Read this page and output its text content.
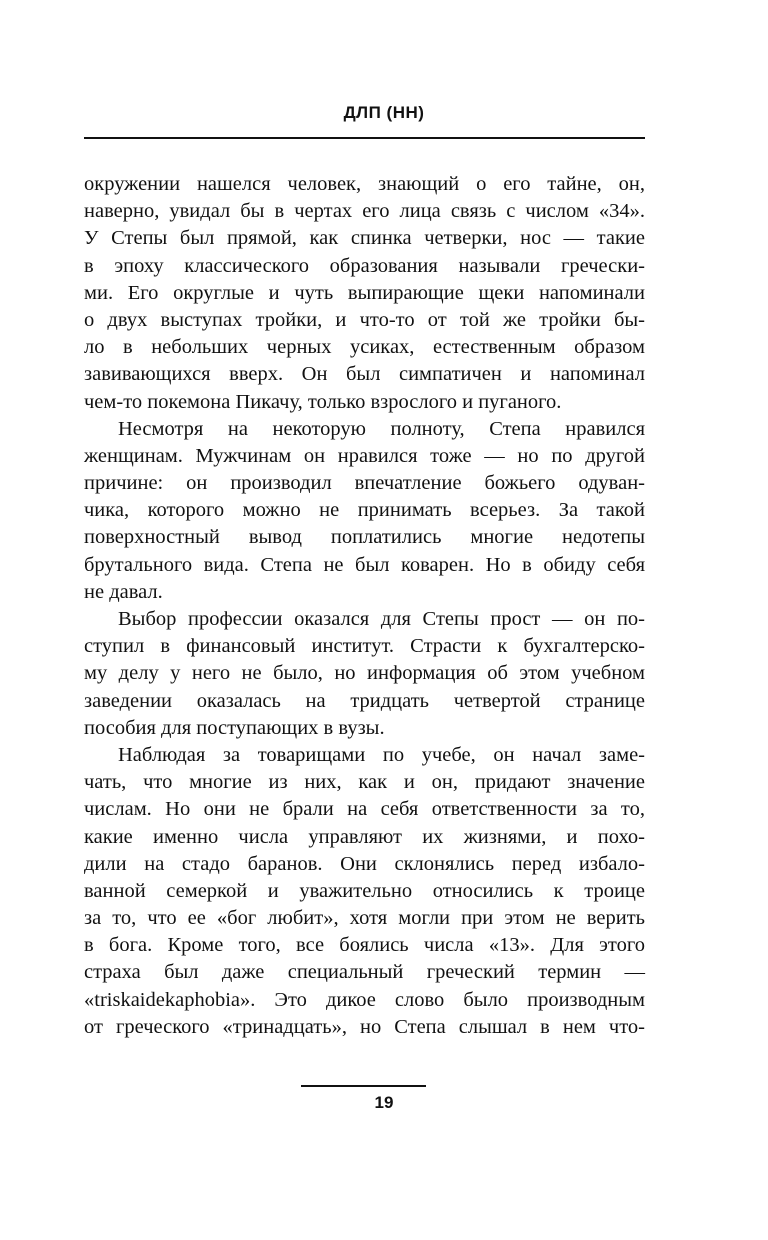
ДЛП (НН)
окружении нашелся человек, знающий о его тайне, он,
наверно, увидал бы в чертах его лица связь с числом «34».
У Степы был прямой, как спинка четверки, нос — такие
в эпоху классического образования называли гречески-
ми. Его округлые и чуть выпирающие щеки напоминали
о двух выступах тройки, и что-то от той же тройки бы-
ло в небольших черных усиках, естественным образом
завивающихся вверх. Он был симпатичен и напоминал
чем-то покемона Пикачу, только взрослого и пуганого.
Несмотря на некоторую полноту, Степа нравился
женщинам. Мужчинам он нравился тоже — но по другой
причине: он производил впечатление божьего одуван-
чика, которого можно не принимать всерьез. За такой
поверхностный вывод поплатились многие недотепы
брутального вида. Степа не был коварен. Но в обиду себя
не давал.
Выбор профессии оказался для Степы прост — он по-
ступил в финансовый институт. Страсти к бухгалтерско-
му делу у него не было, но информация об этом учебном
заведении оказалась на тридцать четвертой странице
пособия для поступающих в вузы.
Наблюдая за товарищами по учебе, он начал заме-
чать, что многие из них, как и он, придают значение
числам. Но они не брали на себя ответственности за то,
какие именно числа управляют их жизнями, и похо-
дили на стадо баранов. Они склонялись перед избало-
ванной семеркой и уважительно относились к троице
за то, что ее «бог любит», хотя могли при этом не верить
в бога. Кроме того, все боялись числа «13». Для этого
страха был даже специальный греческий термин —
«triskaidekaphobia». Это дикое слово было производным
от греческого «тринадцать», но Степа слышал в нем что-
19
